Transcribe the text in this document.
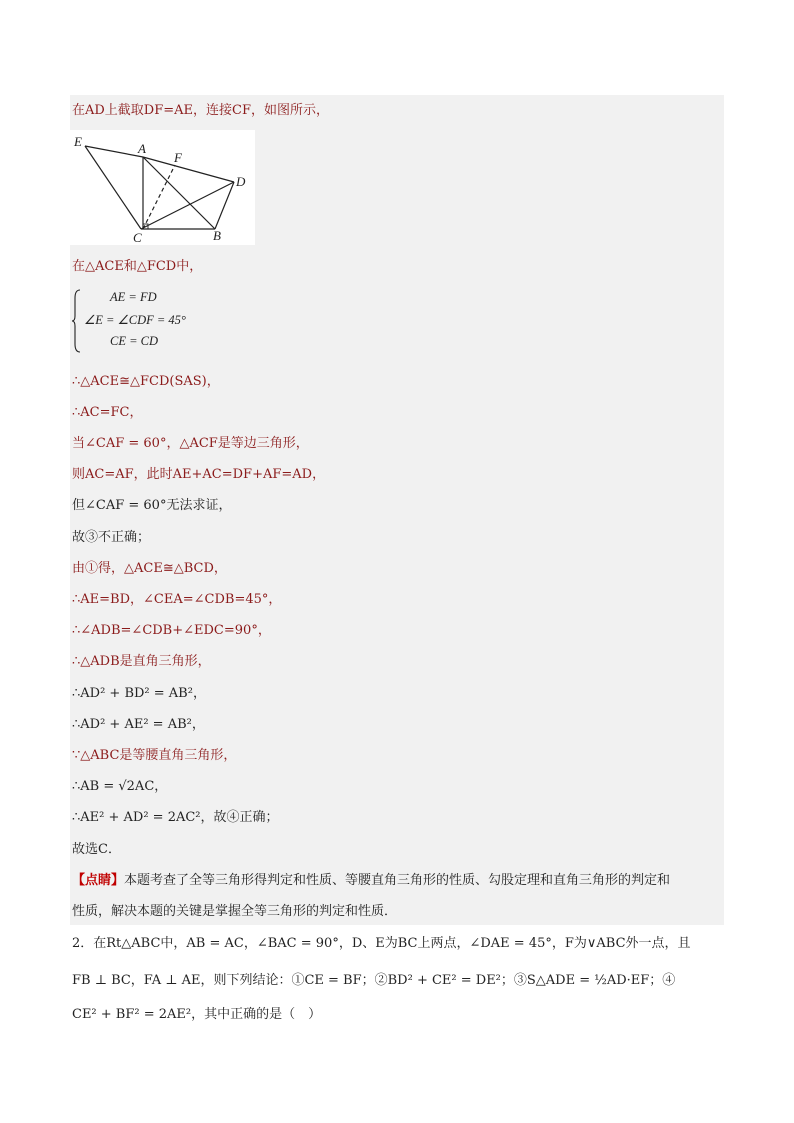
在AD上截取DF=AE，连接CF，如图所示，
E	A
F
D
C	B
在△ACE和△FCD中，
AE = FD
∠E = ∠CDF = 45°
CE = CD
∴△ACE≅△FCD(SAS)，
∴AC=FC，
当∠CAF = 60°，△ACF是等边三角形，
则AC=AF，此时AE+AC=DF+AF=AD，
但∠CAF = 60°无法求证，
故③不正确；
由①得，△ACE≅△BCD，
∴AE=BD，∠CEA=∠CDB=45°，
∴∠ADB=∠CDB+∠EDC=90°，
∴△ADB是直角三角形，
∴AD² + BD² = AB²，
∴AD² + AE² = AB²，
∵△ABC是等腰直角三角形，
∴AB = √2AC，
∴AE² + AD² = 2AC²，故④正确；
故选C．
【点睛】本题考查了全等三角形得判定和性质、等腰直角三角形的性质、勾股定理和直角三角形的判定和
性质，解决本题的关键是掌握全等三角形的判定和性质．
2．在Rt△ABC中，AB = AC，∠BAC = 90°，D、E为BC上两点，∠DAE = 45°，F为∨ABC外一点，且
FB ⊥ BC，FA ⊥ AE，则下列结论：①CE = BF；②BD² + CE² = DE²；③S△ADE = ½AD·EF；④
CE² + BF² = 2AE²，其中正确的是（　）
